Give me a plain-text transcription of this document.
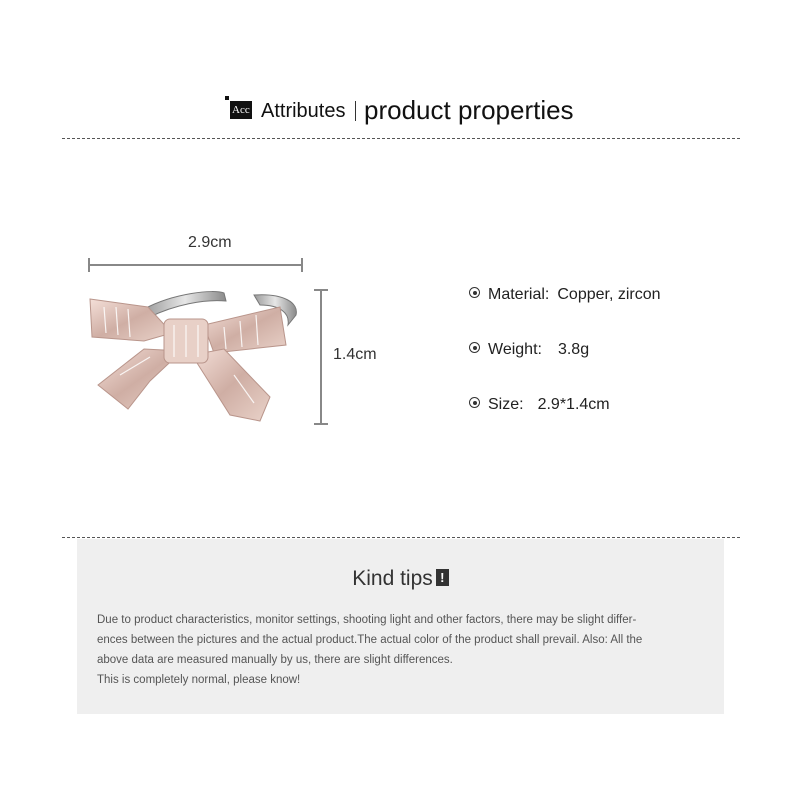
Acc Attributes product properties
2.9cm
1.4cm
Material: Copper, zircon
Weight: 3.8g
Size: 2.9*1.4cm
Kind tips !
Due to product characteristics, monitor settings, shooting light and other factors, there may be slight differ-
ences between the pictures and the actual product.The actual color of the product shall prevail. Also: All the
above data are measured manually by us, there are slight differences.
This is completely normal, please know!
